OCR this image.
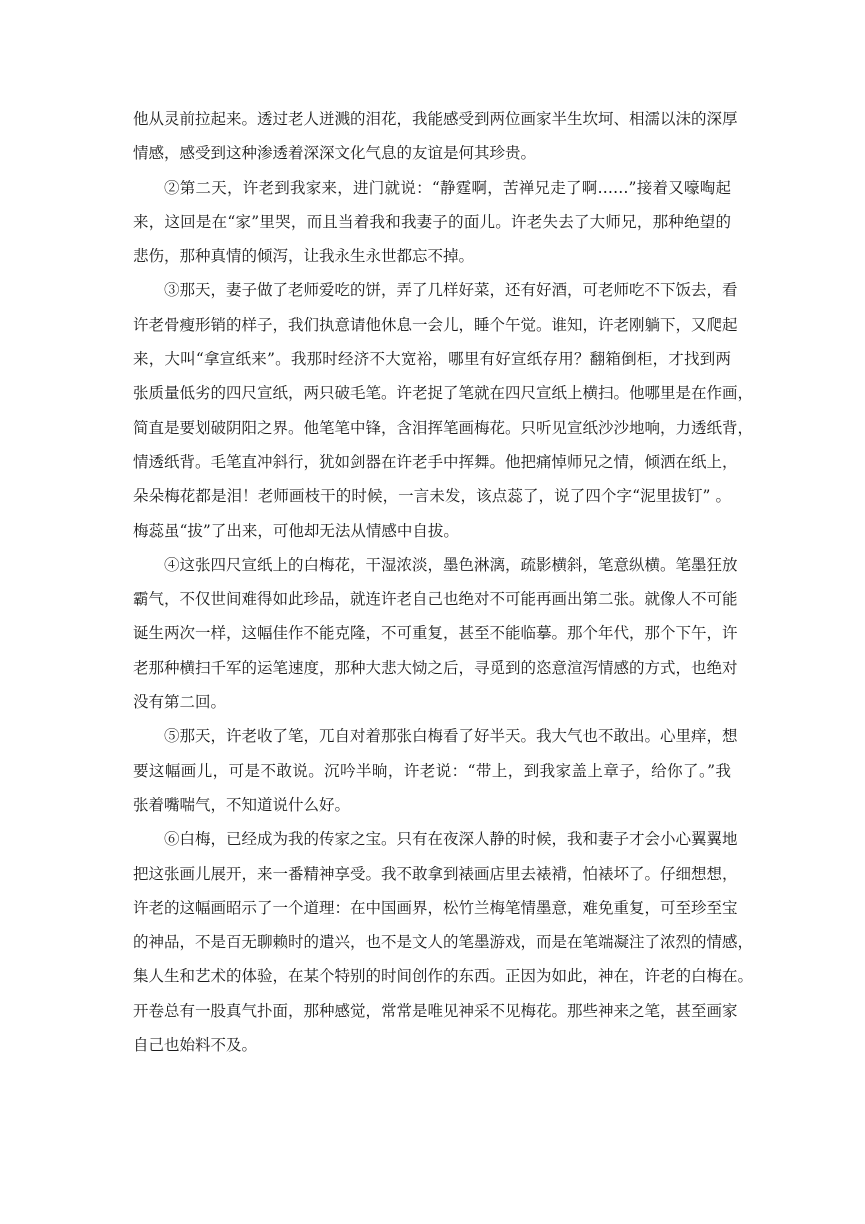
他从灵前拉起来。透过老人迸溅的泪花，我能感受到两位画家半生坎坷、相濡以沫的深厚
情感，感受到这种渗透着深深文化气息的友谊是何其珍贵。
②第二天，许老到我家来，进门就说：“静霆啊，苦禅兄走了啊……”接着又嚎啕起
来，这回是在“家”里哭，而且当着我和我妻子的面儿。许老失去了大师兄，那种绝望的
悲伤，那种真情的倾泻，让我永生永世都忘不掉。
③那天，妻子做了老师爱吃的饼，弄了几样好菜，还有好酒，可老师吃不下饭去，看
许老骨瘦形销的样子，我们执意请他休息一会儿，睡个午觉。谁知，许老刚躺下，又爬起
来，大叫“拿宣纸来”。我那时经济不大宽裕，哪里有好宣纸存用？翻箱倒柜，才找到两
张质量低劣的四尺宣纸，两只破毛笔。许老捉了笔就在四尺宣纸上横扫。他哪里是在作画，
简直是要划破阴阳之界。他笔笔中锋，含泪挥笔画梅花。只听见宣纸沙沙地响，力透纸背，
情透纸背。毛笔直冲斜行，犹如剑器在许老手中挥舞。他把痛悼师兄之情，倾洒在纸上，
朵朵梅花都是泪！老师画枝干的时候，一言未发，该点蕊了，说了四个字“泥里拔钉” 。
梅蕊虽“拔”了出来，可他却无法从情感中自拔。
④这张四尺宣纸上的白梅花，干湿浓淡，墨色淋漓，疏影横斜，笔意纵横。笔墨狂放
霸气，不仅世间难得如此珍品，就连许老自己也绝对不可能再画出第二张。就像人不可能
诞生两次一样，这幅佳作不能克隆，不可重复，甚至不能临摹。那个年代，那个下午，许
老那种横扫千军的运笔速度，那种大悲大恸之后，寻觅到的恣意渲泻情感的方式，也绝对
没有第二回。
⑤那天，许老收了笔，兀自对着那张白梅看了好半天。我大气也不敢出。心里痒，想
要这幅画儿，可是不敢说。沉吟半晌，许老说：“带上，到我家盖上章子，给你了。”我
张着嘴喘气，不知道说什么好。
⑥白梅，已经成为我的传家之宝。只有在夜深人静的时候，我和妻子才会小心翼翼地
把这张画儿展开，来一番精神享受。我不敢拿到裱画店里去裱褙，怕裱坏了。仔细想想，
许老的这幅画昭示了一个道理：在中国画界，松竹兰梅笔情墨意，难免重复，可至珍至宝
的神品，不是百无聊赖时的遣兴，也不是文人的笔墨游戏，而是在笔端凝注了浓烈的情感，
集人生和艺术的体验，在某个特别的时间创作的东西。正因为如此，神在，许老的白梅在。
开卷总有一股真气扑面，那种感觉，常常是唯见神采不见梅花。那些神来之笔，甚至画家
自己也始料不及。
